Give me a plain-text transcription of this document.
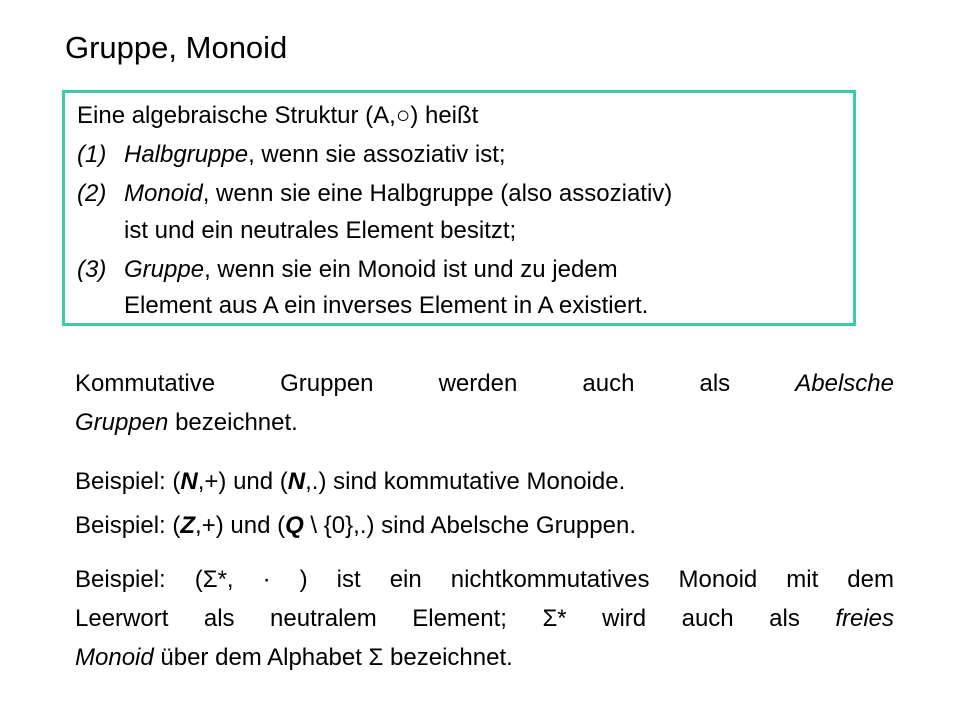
Gruppe, Monoid
Eine algebraische Struktur (A,○) heißt
(1) Halbgruppe, wenn sie assoziativ ist;
(2) Monoid, wenn sie eine Halbgruppe (also assoziativ)
ist und ein neutrales Element besitzt;
(3) Gruppe, wenn sie ein Monoid ist und zu jedem
Element aus A ein inverses Element in A existiert.
Kommutative Gruppen werden auch als Abelsche
Gruppen bezeichnet.
Beispiel: (N,+) und (N,.) sind kommutative Monoide.
Beispiel: (Z,+) und (Q \ {0},.) sind Abelsche Gruppen.
Beispiel: (Σ*, · ) ist ein nichtkommutatives Monoid mit dem
Leerwort als neutralem Element; Σ* wird auch als freies
Monoid über dem Alphabet Σ bezeichnet.
